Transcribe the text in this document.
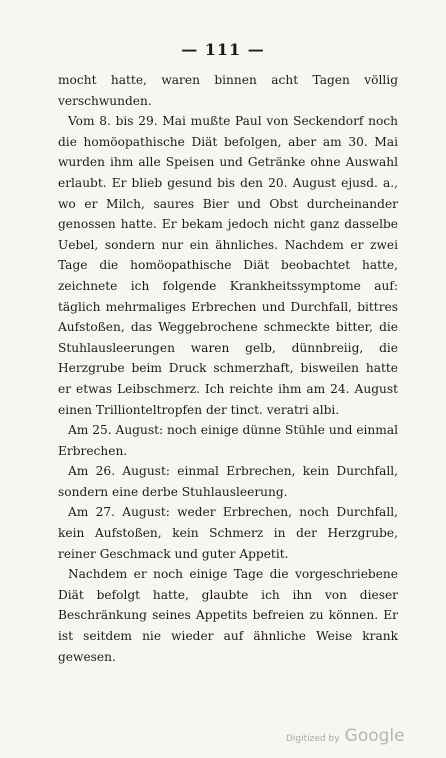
— 111 —

mocht hatte, waren binnen acht Tagen völlig verschwunden.

Vom 8. bis 29. Mai mußte Paul von Seckendorf noch die homöopathische Diät befolgen, aber am 30. Mai wurden ihm alle Speisen und Getränke ohne Auswahl erlaubt. Er blieb gesund bis den 20. August ejusd. a., wo er Milch, saures Bier und Obst durcheinander genossen hatte. Er bekam jedoch nicht ganz dasselbe Uebel, sondern nur ein ähnliches. Nachdem er zwei Tage die homöopathische Diät beobachtet hatte, zeichnete ich folgende Krankheitssymptome auf: täglich mehrmaliges Erbrechen und Durchfall, bittres Aufstoßen, das Weggebrochene schmeckte bitter, die Stuhlausleerungen waren gelb, dünnbreiig, die Herzgrube beim Druck schmerzhaft, bisweilen hatte er etwas Leibschmerz. Ich reichte ihm am 24. August einen Trillionteltropfen der tinct. veratri albi.

Am 25. August: noch einige dünne Stühle und einmal Erbrechen.

Am 26. August: einmal Erbrechen, kein Durchfall, sondern eine derbe Stuhlausleerung.

Am 27. August: weder Erbrechen, noch Durchfall, kein Aufstoßen, kein Schmerz in der Herzgrube, reiner Geschmack und guter Appetit.

Nachdem er noch einige Tage die vorgeschriebene Diät befolgt hatte, glaubte ich ihn von dieser Beschränkung seines Appetits befreien zu können. Er ist seitdem nie wieder auf ähnliche Weise krank gewesen.

Digitized by Google
